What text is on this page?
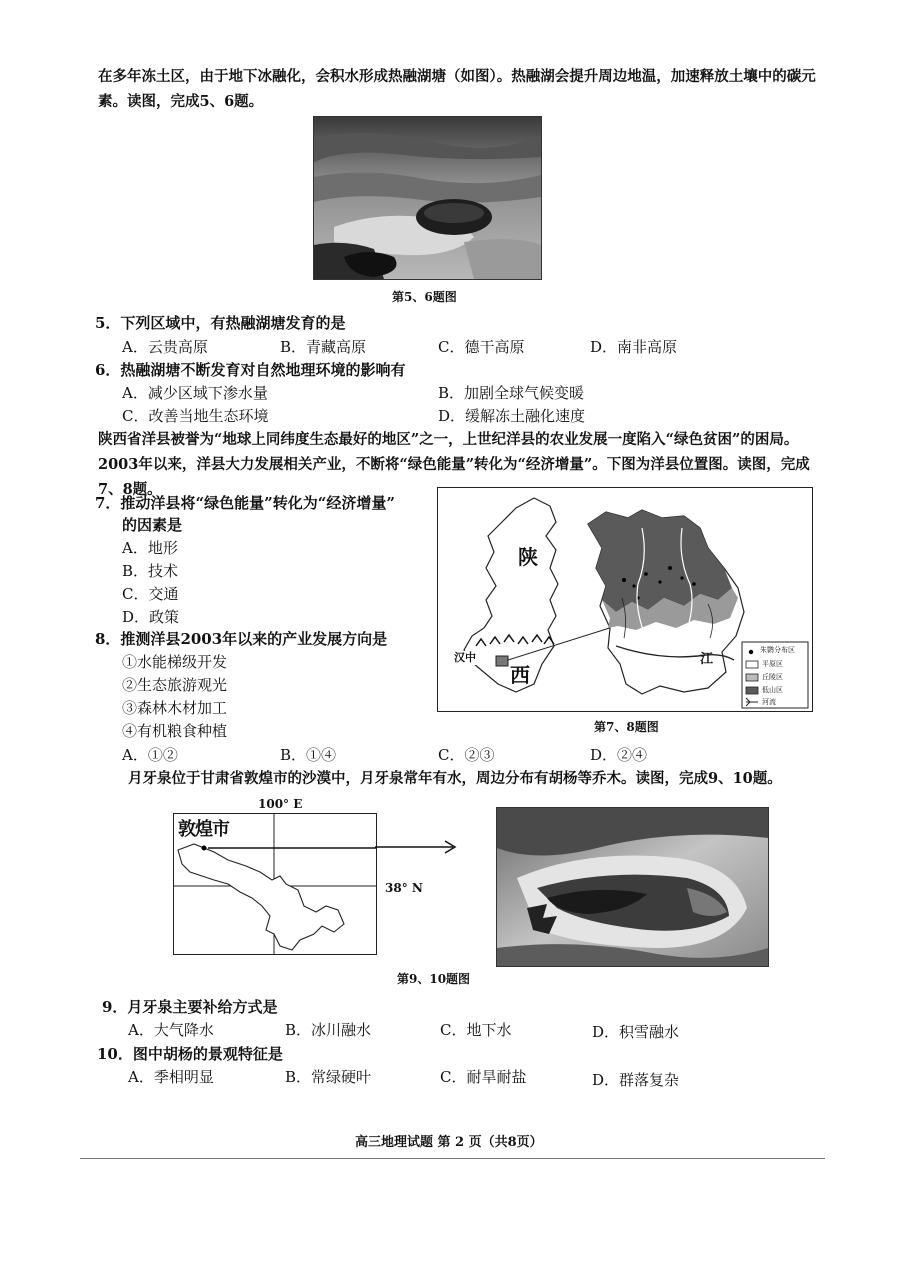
在多年冻土区，由于地下冰融化，会积水形成热融湖塘（如图）。热融湖会提升周边地温，加速释放土壤中的碳元素。读图，完成5、6题。
第5、6题图
5．下列区域中，有热融湖塘发育的是
A．云贵高原	B．青藏高原	C．德干高原	D．南非高原
6．热融湖塘不断发育对自然地理环境的影响有
A．减少区域下渗水量	B．加剧全球气候变暖
C．改善当地生态环境	D．缓解冻土融化速度
陕西省洋县被誉为“地球上同纬度生态最好的地区”之一，上世纪洋县的农业发展一度陷入“绿色贫困”的困局。2003年以来，洋县大力发展相关产业，不断将“绿色能量”转化为“经济增量”。下图为洋县位置图。读图，完成7、8题。
7．推动洋县将“绿色能量”转化为“经济增量”
的因素是
A．地形
B．技术
C．交通
D．政策
8．推测洋县2003年以来的产业发展方向是
①水能梯级开发
②生态旅游观光
③森林木材加工
④有机粮食种植
A．①②	B．①④	C．②③	D．②④
陕
西
汉中	江
朱鹮分布区
平原区
丘陵区
低山区
河流
第7、8题图
月牙泉位于甘肃省敦煌市的沙漠中，月牙泉常年有水，周边分布有胡杨等乔木。读图，完成9、10题。
100° E
敦煌市
38° N
第9、10题图
9．月牙泉主要补给方式是
A．大气降水	B．冰川融水	C．地下水	D．积雪融水
10．图中胡杨的景观特征是
A．季相明显	B．常绿硬叶	C．耐旱耐盐	D．群落复杂
高三地理试题 第 2 页（共8页）
